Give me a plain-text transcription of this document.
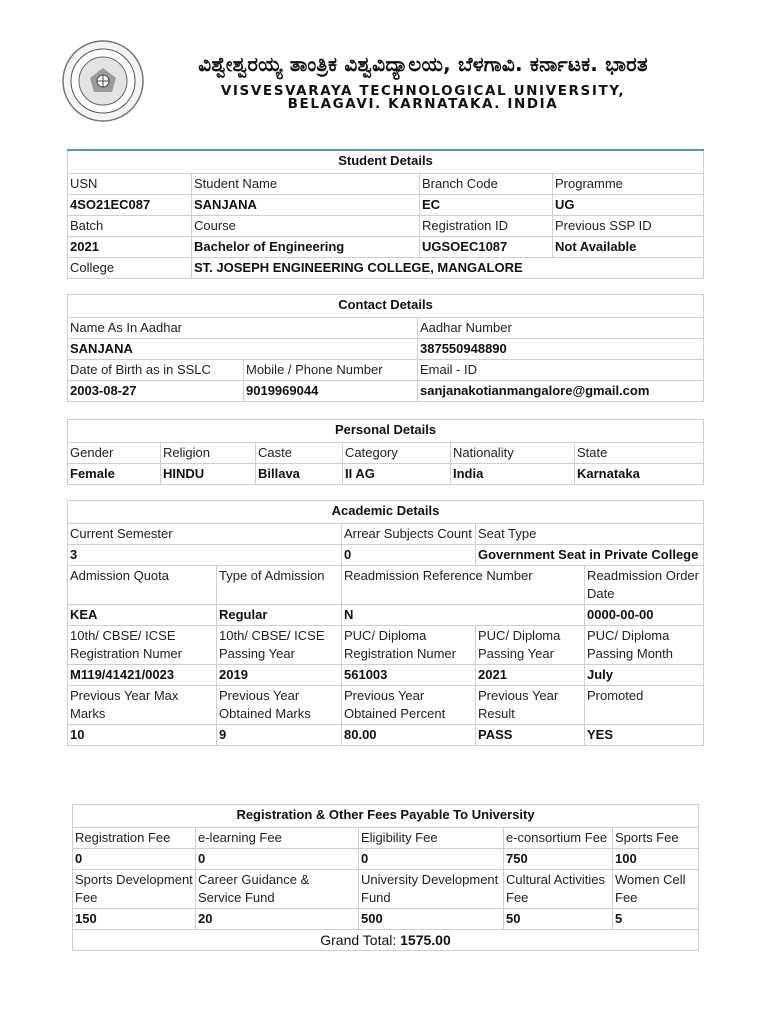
ವಿಶ್ವೇಶ್ವರಯ್ಯ ತಾಂತ್ರಿಕ ವಿಶ್ವವಿದ್ಯಾಲಯ, ಬೆಳಗಾವಿ. ಕರ್ನಾಟಕ. ಭಾರತ
VISVESVARAYA TECHNOLOGICAL UNIVERSITY,
BELAGAVI. KARNATAKA. INDIA
Student Details			
USN	Student Name	Branch Code	Programme
4SO21EC087	SANJANA	EC	UG
Batch	Course	Registration ID	Previous SSP ID
2021	Bachelor of Engineering	UGSOEC1087	Not Available
College	ST. JOSEPH ENGINEERING COLLEGE, MANGALORE		
Contact Details		
Name As In Aadhar		Aadhar Number
SANJANA		387550948890
Date of Birth as in SSLC	Mobile / Phone Number	Email - ID
2003-08-27	9019969044	sanjanakotianmangalore@gmail.com
Personal Details					
Gender	Religion	Caste	Category	Nationality	State
Female	HINDU	Billava	II AG	India	Karnataka
Academic Details				
Current Semester		Arrear Subjects Count	Seat Type	
3		0	Government Seat in Private College	
Admission Quota	Type of Admission	Readmission Reference Number		Readmission Order Date
KEA	Regular	N		0000-00-00
10th/ CBSE/ ICSE Registration Numer	10th/ CBSE/ ICSE Passing Year	PUC/ Diploma Registration Numer	PUC/ Diploma Passing Year	PUC/ Diploma Passing Month
M119/41421/0023	2019	561003	2021	July
Previous Year Max Marks	Previous Year Obtained Marks	Previous Year Obtained Percent	Previous Year Result	Promoted
10	9	80.00	PASS	YES
Registration & Other Fees Payable To University				
Registration Fee	e-learning Fee	Eligibility Fee	e-consortium Fee	Sports Fee
0	0	0	750	100
Sports Development Fee	Career Guidance & Service Fund	University Development Fund	Cultural Activities Fee	Women Cell Fee
150	20	500	50	5
Grand Total: 1575.00				
